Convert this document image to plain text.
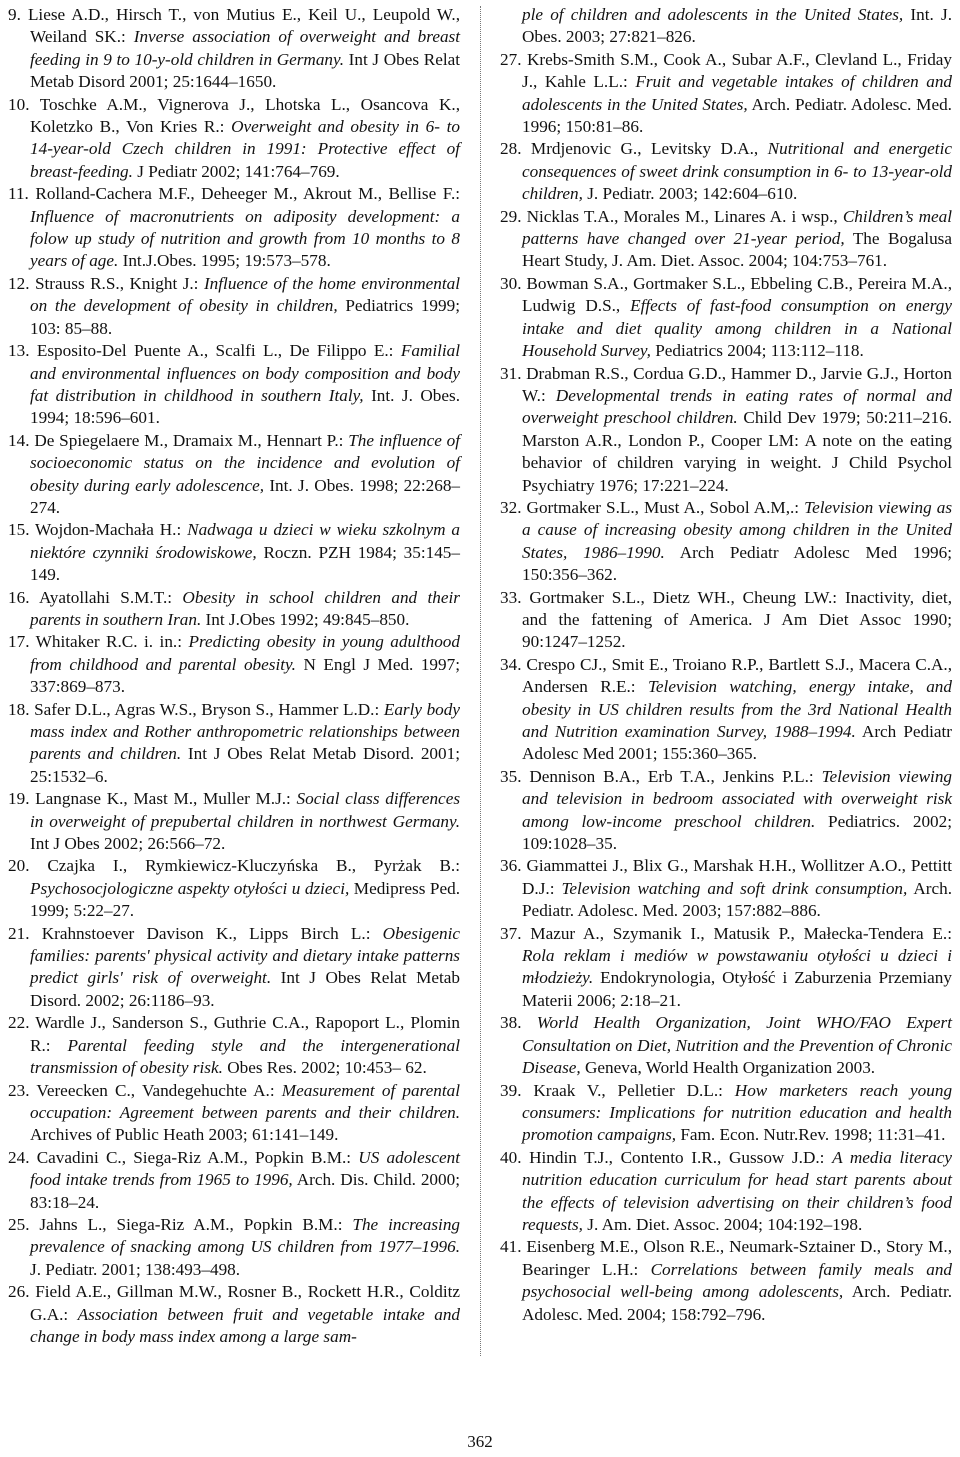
9. Liese A.D., Hirsch T., von Mutius E., Keil U., Leupold W., Weiland SK.: Inverse association of overweight and breast feeding in 9 to 10-y-old children in Germany. Int J Obes Relat Metab Disord 2001; 25:1644–1650.

10. Toschke A.M., Vignerova J., Lhotska L., Osancova K., Koletzko B., Von Kries R.: Overweight and obesity in 6- to 14-year-old Czech children in 1991: Protective effect of breast-feeding. J Pediatr 2002; 141:764–769.

11. Rolland-Cachera M.F., Deheeger M., Akrout M., Bellise F.: Influence of macronutrients on adiposity development: a folow up study of nutrition and growth from 10 months to 8 years of age. Int.J.Obes. 1995; 19:573–578.

12. Strauss R.S., Knight J.: Influence of the home environmental on the development of obesity in children, Pediatrics 1999; 103: 85–88.

13. Esposito-Del Puente A., Scalfi L., De Filippo E.: Familial and environmental influences on body composition and body fat distribution in childhood in southern Italy, Int. J. Obes. 1994; 18:596–601.

14. De Spiegelaere M., Dramaix M., Hennart P.: The influence of socioeconomic status on the incidence and evolution of obesity during early adolescence, Int. J. Obes. 1998; 22:268–274.

15. Wojdon-Machała H.: Nadwaga u dzieci w wieku szkolnym a niektóre czynniki środowiskowe, Roczn. PZH 1984; 35:145–149.

16. Ayatollahi S.M.T.: Obesity in school children and their parents in southern Iran. Int J.Obes 1992; 49:845–850.

17. Whitaker R.C. i. in.: Predicting obesity in young adulthood from childhood and parental obesity. N Engl J Med. 1997; 337:869–873.

18. Safer D.L., Agras W.S., Bryson S., Hammer L.D.: Early body mass index and Rother anthropometric relationships between parents and children. Int J Obes Relat Metab Disord. 2001; 25:1532–6.

19. Langnase K., Mast M., Muller M.J.: Social class differences in overweight of prepubertal children in northwest Germany. Int J Obes 2002; 26:566–72.

20. Czajka I., Rymkiewicz-Kluczyńska B., Pyrżak B.: Psychosocjologiczne aspekty otyłości u dzieci, Medipress Ped. 1999; 5:22–27.

21. Krahnstoever Davison K., Lipps Birch L.: Obesigenic families: parents' physical activity and dietary intake patterns predict girls' risk of overweight. Int J Obes Relat Metab Disord. 2002; 26:1186–93.

22. Wardle J., Sanderson S., Guthrie C.A., Rapoport L., Plomin R.: Parental feeding style and the intergenerational transmission of obesity risk. Obes Res. 2002; 10:453– 62.

23. Vereecken C., Vandegehuchte A.: Measurement of parental occupation: Agreement between parents and their children. Archives of Public Heath 2003; 61:141–149.

24. Cavadini C., Siega-Riz A.M., Popkin B.M.: US adolescent food intake trends from 1965 to 1996, Arch. Dis. Child. 2000; 83:18–24.

25. Jahns L., Siega-Riz A.M., Popkin B.M.: The increasing prevalence of snacking among US children from 1977–1996. J. Pediatr. 2001; 138:493–498.

26. Field A.E., Gillman M.W., Rosner B., Rockett H.R., Colditz G.A.: Association between fruit and vegetable intake and change in body mass index among a large sam-

ple of children and adolescents in the United States, Int. J. Obes. 2003; 27:821–826.

27. Krebs-Smith S.M., Cook A., Subar A.F., Clevland L., Friday J., Kahle L.L.: Fruit and vegetable intakes of children and adolescents in the United States, Arch. Pediatr. Adolesc. Med. 1996; 150:81–86.

28. Mrdjenovic G., Levitsky D.A., Nutritional and energetic consequences of sweet drink consumption in 6- to 13-year-old children, J. Pediatr. 2003; 142:604–610.

29. Nicklas T.A., Morales M., Linares A. i wsp., Children’s meal patterns have changed over 21-year period, The Bogalusa Heart Study, J. Am. Diet. Assoc. 2004; 104:753–761.

30. Bowman S.A., Gortmaker S.L., Ebbeling C.B., Pereira M.A., Ludwig D.S., Effects of fast-food consumption on energy intake and diet quality among children in a National Household Survey, Pediatrics 2004; 113:112–118.

31. Drabman R.S., Cordua G.D., Hammer D., Jarvie G.J., Horton W.: Developmental trends in eating rates of normal and overweight preschool children. Child Dev 1979; 50:211–216. Marston A.R., London P., Cooper LM: A note on the eating behavior of children varying in weight. J Child Psychol Psychiatry 1976; 17:221–224.

32. Gortmaker S.L., Must A., Sobol A.M,.: Television viewing as a cause of increasing obesity among children in the United States, 1986–1990. Arch Pediatr Adolesc Med 1996; 150:356–362.

33. Gortmaker S.L., Dietz WH., Cheung LW.: Inactivity, diet, and the fattening of America. J Am Diet Assoc 1990; 90:1247–1252.

34. Crespo CJ., Smit E., Troiano R.P., Bartlett S.J., Macera C.A., Andersen R.E.: Television watching, energy intake, and obesity in US children results from the 3rd National Health and Nutrition examination Survey, 1988–1994. Arch Pediatr Adolesc Med 2001; 155:360–365.

35. Dennison B.A., Erb T.A., Jenkins P.L.: Television viewing and television in bedroom associated with overweight risk among low-income preschool children. Pediatrics. 2002; 109:1028–35.

36. Giammattei J., Blix G., Marshak H.H., Wollitzer A.O., Pettitt D.J.: Television watching and soft drink consumption, Arch. Pediatr. Adolesc. Med. 2003; 157:882–886.

37. Mazur A., Szymanik I., Matusik P., Małecka-Tendera E.: Rola reklam i mediów w powstawaniu otyłości u dzieci i młodzieży. Endokrynologia, Otyłość i Zaburzenia Przemiany Materii 2006; 2:18–21.

38. World Health Organization, Joint WHO/FAO Expert Consultation on Diet, Nutrition and the Prevention of Chronic Disease, Geneva, World Health Organization 2003.

39. Kraak V., Pelletier D.L.: How marketers reach young consumers: Implications for nutrition education and health promotion campaigns, Fam. Econ. Nutr.Rev. 1998; 11:31–41.

40. Hindin T.J., Contento I.R., Gussow J.D.: A media literacy nutrition education curriculum for head start parents about the effects of television advertising on their children’s food requests, J. Am. Diet. Assoc. 2004; 104:192–198.

41. Eisenberg M.E., Olson R.E., Neumark-Sztainer D., Story M., Bearinger L.H.: Correlations between family meals and psychosocial well-being among adolescents, Arch. Pediatr. Adolesc. Med. 2004; 158:792–796.

362
